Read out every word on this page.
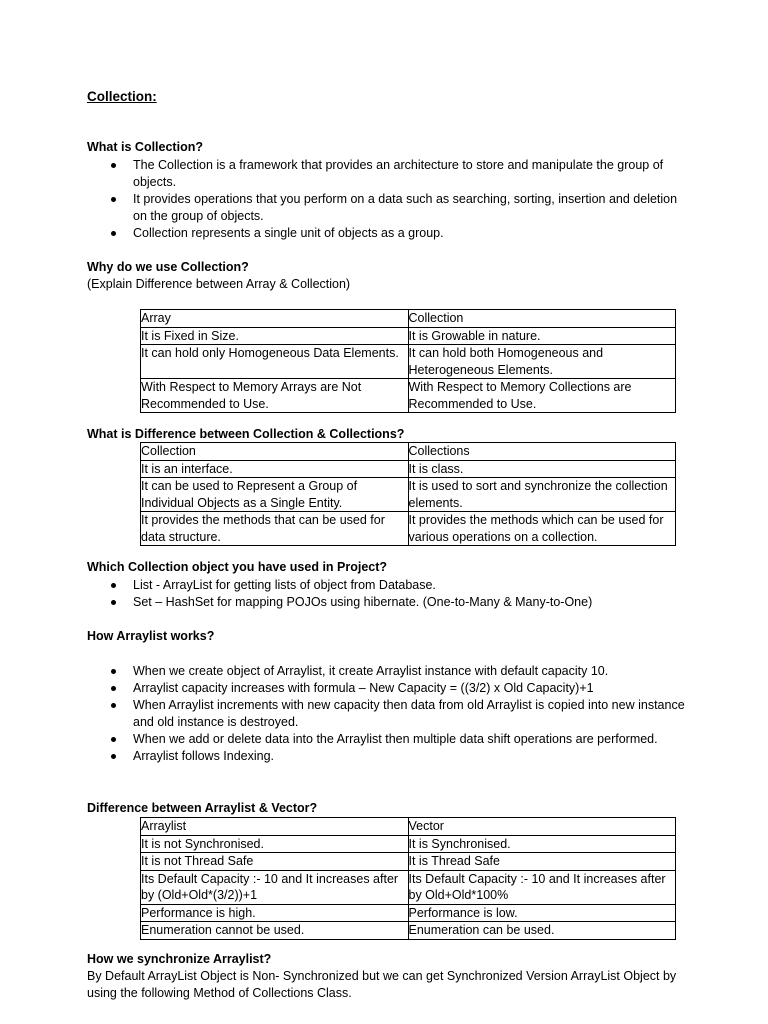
Collection:
What is Collection?
The Collection is a framework that provides an architecture to store and manipulate the group of objects.
It provides operations that you perform on a data such as searching, sorting, insertion and deletion on the group of objects.
Collection represents a single unit of objects as a group.
Why do we use Collection?
(Explain Difference between Array & Collection)
Array	Collection
It is Fixed in Size.	It is Growable in nature.
It can hold only Homogeneous Data Elements.	It can hold both Homogeneous and Heterogeneous Elements.
With Respect to Memory Arrays are Not Recommended to Use.	With Respect to Memory Collections are Recommended to Use.
What is Difference between Collection & Collections?
Collection	Collections
It is an interface.	It is class.
It can be used to Represent a Group of Individual Objects as a Single Entity.	It is used to sort and synchronize the collection elements.
It provides the methods that can be used for data structure.	It provides the methods which can be used for various operations on a collection.
Which Collection object you have used in Project?
List - ArrayList for getting lists of object from Database.
Set – HashSet for mapping POJOs using hibernate. (One-to-Many & Many-to-One)
How Arraylist works?
When we create object of Arraylist, it create Arraylist instance with default capacity 10.
Arraylist capacity increases with formula – New Capacity = ((3/2) x Old Capacity)+1
When Arraylist increments with new capacity then data from old Arraylist is copied into new instance and old instance is destroyed.
When we add or delete data into the Arraylist then multiple data shift operations are performed.
Arraylist follows Indexing.
Difference between Arraylist & Vector?
Arraylist	Vector
It is not Synchronised.	It is Synchronised.
It is not Thread Safe	It is Thread Safe
Its Default Capacity :- 10 and It increases after by (Old+Old*(3/2))+1	Its Default Capacity :- 10 and It increases after by Old+Old*100%
Performance is high.	Performance is low.
Enumeration cannot be used.	Enumeration can be used.
How we synchronize Arraylist?
By Default ArrayList Object is Non- Synchronized but we can get Synchronized Version ArrayList Object by using the following Method of Collections Class.
